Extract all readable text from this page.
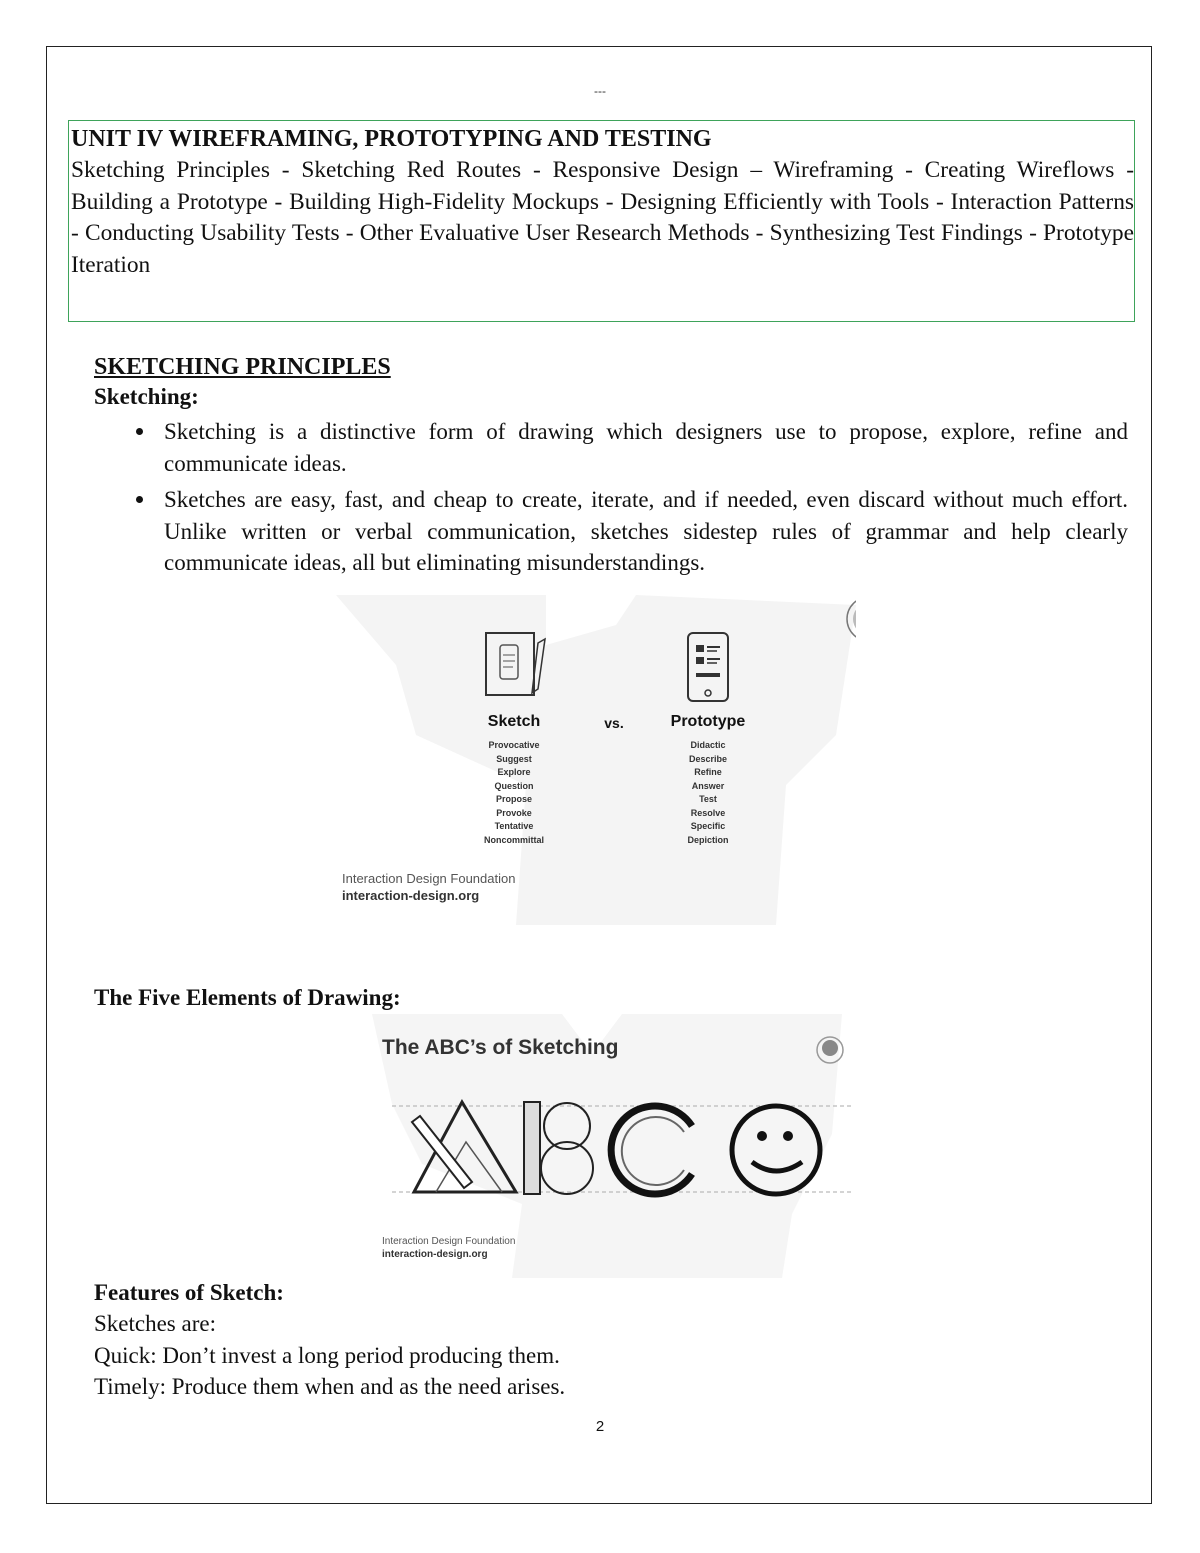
---

UNIT IV WIREFRAMING, PROTOTYPING AND TESTING

Sketching Principles - Sketching Red Routes - Responsive Design – Wireframing - Creating Wireflows - Building a Prototype - Building High-Fidelity Mockups - Designing Efficiently with Tools - Interaction Patterns - Conducting Usability Tests - Other Evaluative User Research Methods - Synthesizing Test Findings - Prototype Iteration

SKETCHING PRINCIPLES

Sketching:

Sketching is a distinctive form of drawing which designers use to propose, explore, refine and communicate ideas.
Sketches are easy, fast, and cheap to create, iterate, and if needed, even discard without much effort. Unlike written or verbal communication, sketches sidestep rules of grammar and help clearly communicate ideas, all but eliminating misunderstandings.
Sketch	vs.	Prototype
Provocative
Suggest
Explore
Question
Propose
Provoke
Tentative
Noncommittal
Didactic
Describe
Refine
Answer
Test
Resolve
Specific
Depiction
Interaction Design Foundation
interaction-design.org

The Five Elements of Drawing:

The ABC’s of Sketching
Interaction Design Foundation
interaction-design.org

Features of Sketch:

Sketches are:

Quick: Don’t invest a long period producing them.

Timely: Produce them when and as the need arises.

2
